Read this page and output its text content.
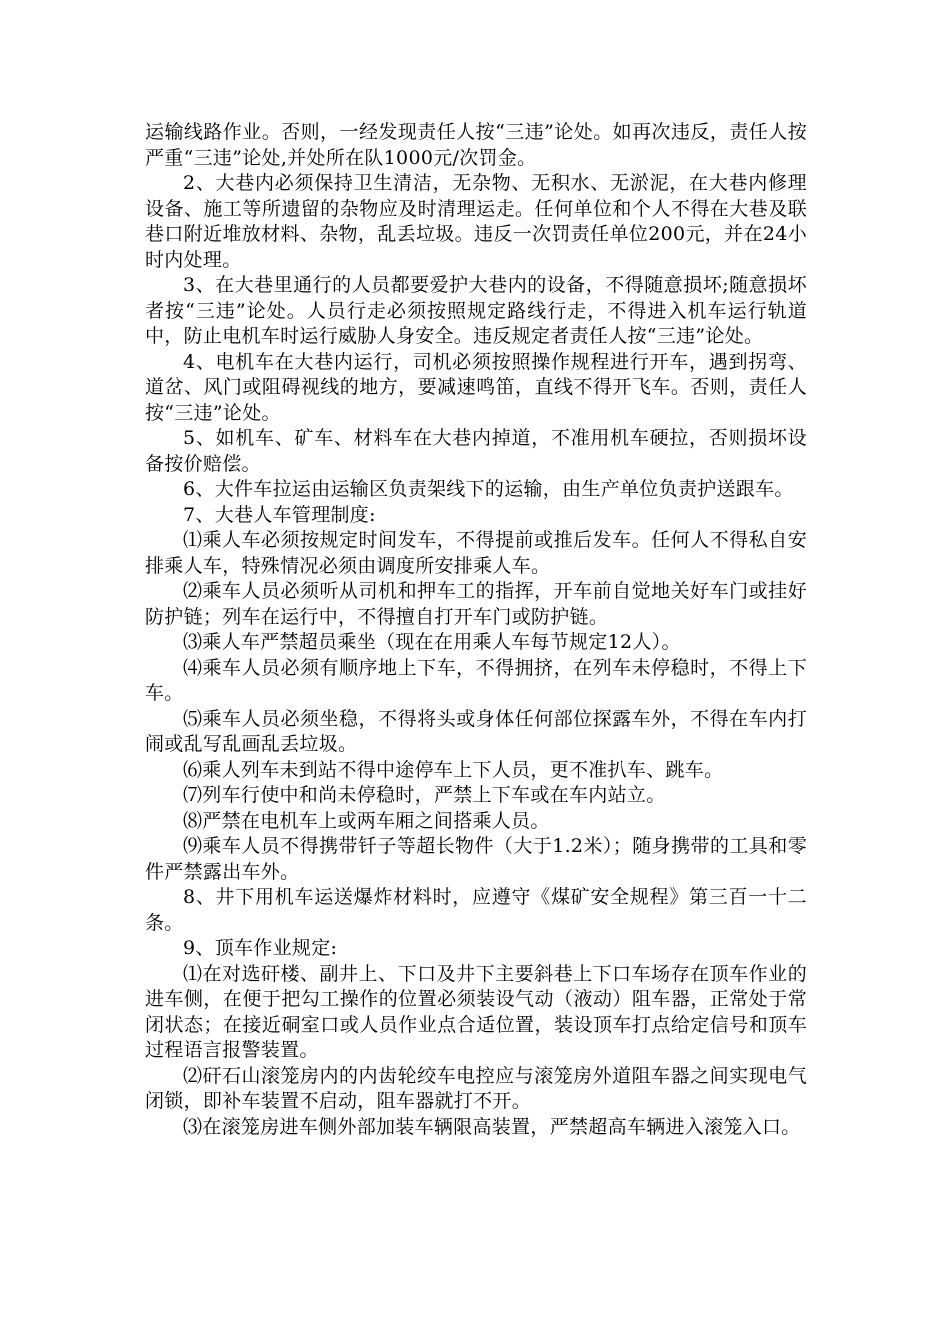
运输线路作业。否则，一经发现责任人按“三违”论处。如再次违反，责任人按严重“三违”论处,并处所在队1000元/次罚金。

2、大巷内必须保持卫生清洁，无杂物、无积水、无淤泥，在大巷内修理设备、施工等所遗留的杂物应及时清理运走。任何单位和个人不得在大巷及联巷口附近堆放材料、杂物，乱丢垃圾。违反一次罚责任单位200元，并在24小时内处理。

3、在大巷里通行的人员都要爱护大巷内的设备，不得随意损坏;随意损坏者按“三违”论处。人员行走必须按照规定路线行走，不得进入机车运行轨道中，防止电机车时运行威胁人身安全。违反规定者责任人按“三违”论处。

4、电机车在大巷内运行，司机必须按照操作规程进行开车，遇到拐弯、道岔、风门或阻碍视线的地方，要减速鸣笛，直线不得开飞车。否则，责任人按“三违”论处。

5、如机车、矿车、材料车在大巷内掉道，不准用机车硬拉，否则损坏设备按价赔偿。

6、大件车拉运由运输区负责架线下的运输，由生产单位负责护送跟车。

7、大巷人车管理制度:

⑴乘人车必须按规定时间发车，不得提前或推后发车。任何人不得私自安排乘人车，特殊情况必须由调度所安排乘人车。

⑵乘车人员必须听从司机和押车工的指挥，开车前自觉地关好车门或挂好防护链；列车在运行中，不得擅自打开车门或防护链。

⑶乘人车严禁超员乘坐（现在在用乘人车每节规定12人）。

⑷乘车人员必须有顺序地上下车，不得拥挤，在列车未停稳时，不得上下车。

⑸乘车人员必须坐稳，不得将头或身体任何部位探露车外，不得在车内打闹或乱写乱画乱丢垃圾。

⑹乘人列车未到站不得中途停车上下人员，更不准扒车、跳车。

⑺列车行使中和尚未停稳时，严禁上下车或在车内站立。

⑻严禁在电机车上或两车厢之间搭乘人员。

⑼乘车人员不得携带钎子等超长物件（大于1.2米）；随身携带的工具和零件严禁露出车外。

8、井下用机车运送爆炸材料时，应遵守《煤矿安全规程》第三百一十二条。

9、顶车作业规定:

⑴在对选矸楼、副井上、下口及井下主要斜巷上下口车场存在顶车作业的进车侧，在便于把勾工操作的位置必须装设气动（液动）阻车器，正常处于常闭状态；在接近硐室口或人员作业点合适位置，装设顶车打点给定信号和顶车过程语言报警装置。

⑵矸石山滚笼房内的内齿轮绞车电控应与滚笼房外道阻车器之间实现电气闭锁，即补车装置不启动，阻车器就打不开。

⑶在滚笼房进车侧外部加装车辆限高装置，严禁超高车辆进入滚笼入口。
